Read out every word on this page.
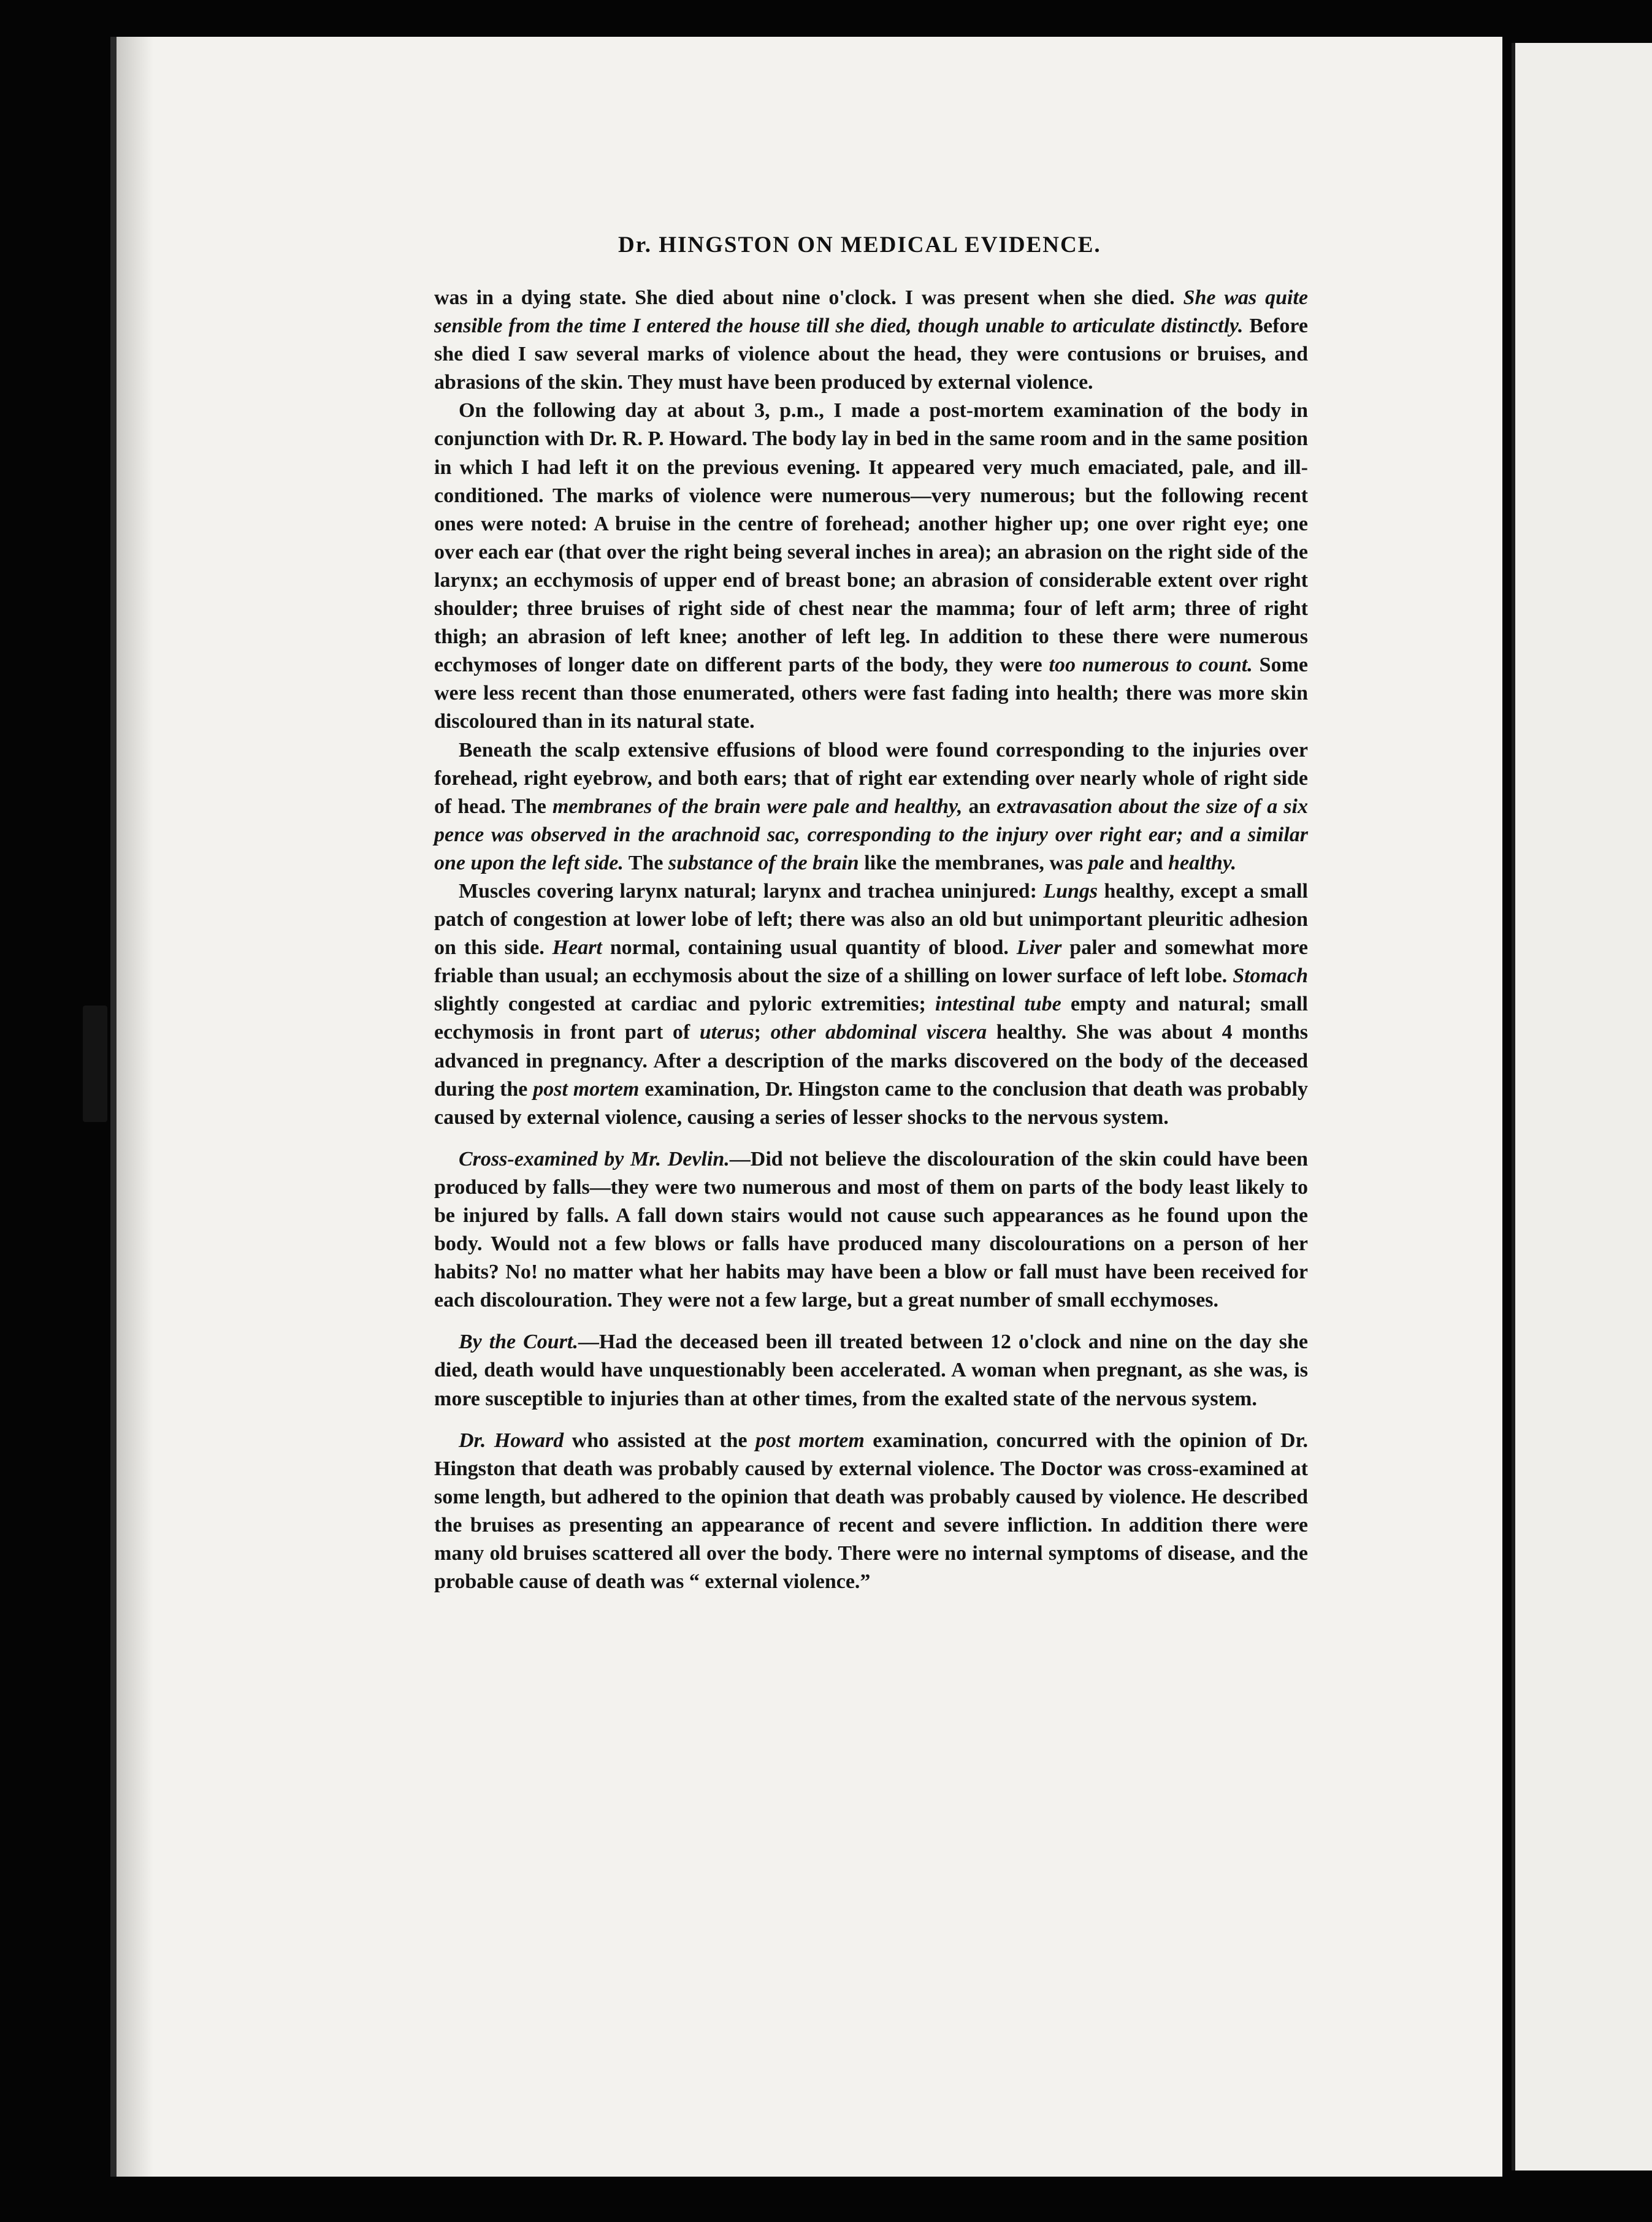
Dr. HINGSTON ON MEDICAL EVIDENCE.

was in a dying state. She died about nine o'clock. I was present when she died. She was quite sensible from the time I entered the house till she died, though unable to articulate distinctly. Before she died I saw several marks of violence about the head, they were contusions or bruises, and abrasions of the skin. They must have been produced by external violence.

On the following day at about 3, p.m., I made a post-mortem examination of the body in conjunction with Dr. R. P. Howard. The body lay in bed in the same room and in the same position in which I had left it on the previous evening. It appeared very much emaciated, pale, and ill-conditioned. The marks of violence were numerous—very numerous; but the following recent ones were noted: A bruise in the centre of forehead; another higher up; one over right eye; one over each ear (that over the right being several inches in area); an abrasion on the right side of the larynx; an ecchymosis of upper end of breast bone; an abrasion of considerable extent over right shoulder; three bruises of right side of chest near the mamma; four of left arm; three of right thigh; an abrasion of left knee; another of left leg. In addition to these there were numerous ecchymoses of longer date on different parts of the body, they were too numerous to count. Some were less recent than those enumerated, others were fast fading into health; there was more skin discoloured than in its natural state.

Beneath the scalp extensive effusions of blood were found corresponding to the injuries over forehead, right eyebrow, and both ears; that of right ear extending over nearly whole of right side of head. The membranes of the brain were pale and healthy, an extravasation about the size of a six pence was observed in the arachnoid sac, corresponding to the injury over right ear; and a similar one upon the left side. The substance of the brain like the membranes, was pale and healthy.

Muscles covering larynx natural; larynx and trachea uninjured: Lungs healthy, except a small patch of congestion at lower lobe of left; there was also an old but unimportant pleuritic adhesion on this side. Heart normal, containing usual quantity of blood. Liver paler and somewhat more friable than usual; an ecchymosis about the size of a shilling on lower surface of left lobe. Stomach slightly congested at cardiac and pyloric extremities; intestinal tube empty and natural; small ecchymosis in front part of uterus; other abdominal viscera healthy. She was about 4 months advanced in pregnancy. After a description of the marks discovered on the body of the deceased during the post mortem examination, Dr. Hingston came to the conclusion that death was probably caused by external violence, causing a series of lesser shocks to the nervous system.

Cross-examined by Mr. Devlin.—Did not believe the discolouration of the skin could have been produced by falls—they were two numerous and most of them on parts of the body least likely to be injured by falls. A fall down stairs would not cause such appearances as he found upon the body. Would not a few blows or falls have produced many discolourations on a person of her habits? No! no matter what her habits may have been a blow or fall must have been received for each discolouration. They were not a few large, but a great number of small ecchymoses.

By the Court.—Had the deceased been ill treated between 12 o'clock and nine on the day she died, death would have unquestionably been accelerated. A woman when pregnant, as she was, is more susceptible to injuries than at other times, from the exalted state of the nervous system.

Dr. Howard who assisted at the post mortem examination, concurred with the opinion of Dr. Hingston that death was probably caused by external violence. The Doctor was cross-examined at some length, but adhered to the opinion that death was probably caused by violence. He described the bruises as presenting an appearance of recent and severe infliction. In addition there were many old bruises scattered all over the body. There were no internal symptoms of disease, and the probable cause of death was “ external violence.”
